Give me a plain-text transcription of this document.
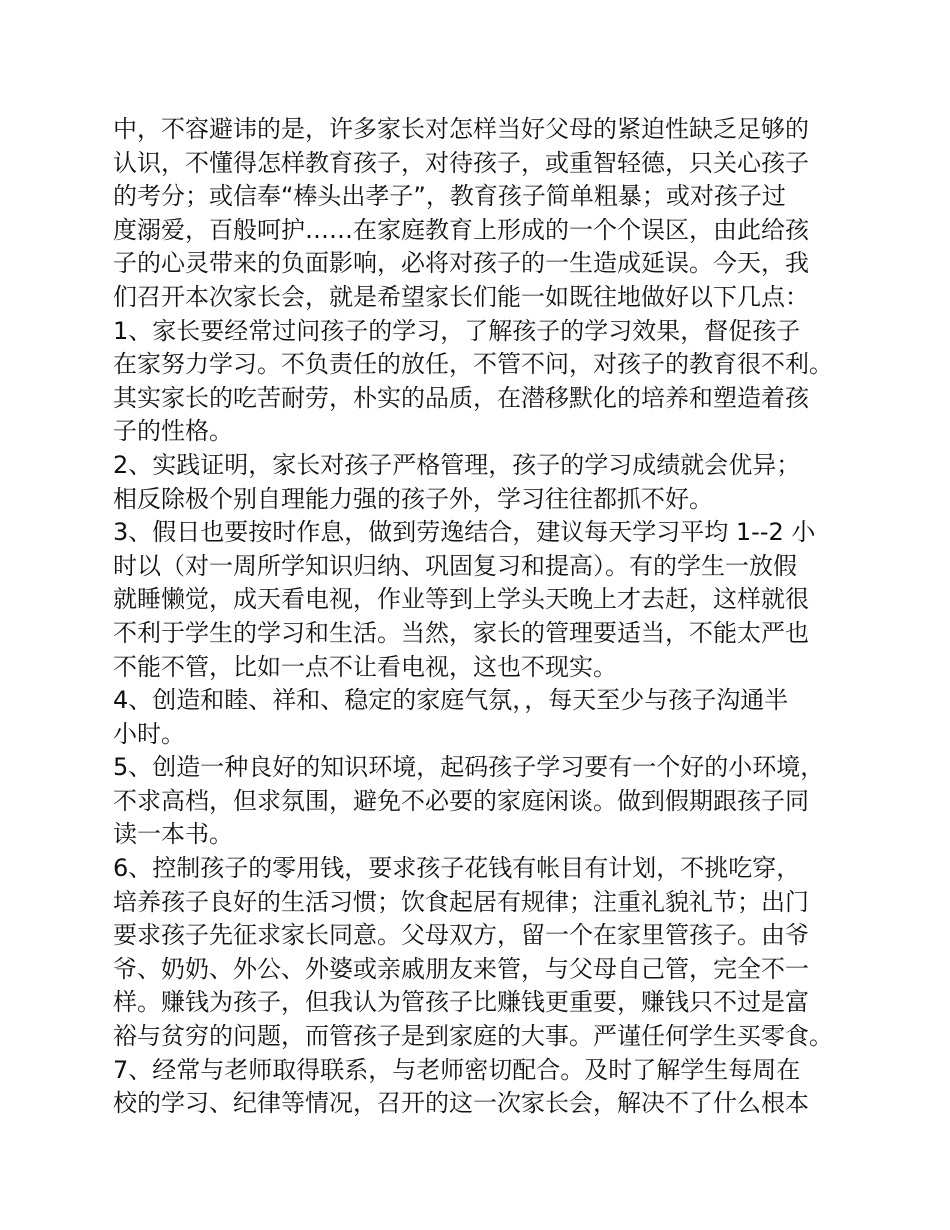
中，不容避讳的是，许多家长对怎样当好父母的紧迫性缺乏足够的
认识，不懂得怎样教育孩子，对待孩子，或重智轻德，只关心孩子
的考分；或信奉“棒头出孝子”，教育孩子简单粗暴；或对孩子过
度溺爱，百般呵护……在家庭教育上形成的一个个误区，由此给孩
子的心灵带来的负面影响，必将对孩子的一生造成延误。今天，我
们召开本次家长会，就是希望家长们能一如既往地做好以下几点：
1、家长要经常过问孩子的学习，了解孩子的学习效果，督促孩子
在家努力学习。不负责任的放任，不管不问，对孩子的教育很不利。
其实家长的吃苦耐劳，朴实的品质，在潜移默化的培养和塑造着孩
子的性格。
2、实践证明，家长对孩子严格管理，孩子的学习成绩就会优异；
相反除极个别自理能力强的孩子外，学习往往都抓不好。
3、假日也要按时作息，做到劳逸结合，建议每天学习平均 1--2 小
时以（对一周所学知识归纳、巩固复习和提高）。有的学生一放假
就睡懒觉，成天看电视，作业等到上学头天晚上才去赶，这样就很
不利于学生的学习和生活。当然，家长的管理要适当，不能太严也
不能不管，比如一点不让看电视，这也不现实。
4、创造和睦、祥和、稳定的家庭气氛，，每天至少与孩子沟通半
小时。
5、创造一种良好的知识环境，起码孩子学习要有一个好的小环境，
不求高档，但求氛围，避免不必要的家庭闲谈。做到假期跟孩子同
读一本书。
6、控制孩子的零用钱，要求孩子花钱有帐目有计划，不挑吃穿，
培养孩子良好的生活习惯；饮食起居有规律；注重礼貌礼节；出门
要求孩子先征求家长同意。父母双方，留一个在家里管孩子。由爷
爷、奶奶、外公、外婆或亲戚朋友来管，与父母自己管，完全不一
样。赚钱为孩子，但我认为管孩子比赚钱更重要，赚钱只不过是富
裕与贫穷的问题，而管孩子是到家庭的大事。严谨任何学生买零食。
7、经常与老师取得联系，与老师密切配合。及时了解学生每周在
校的学习、纪律等情况，召开的这一次家长会，解决不了什么根本
